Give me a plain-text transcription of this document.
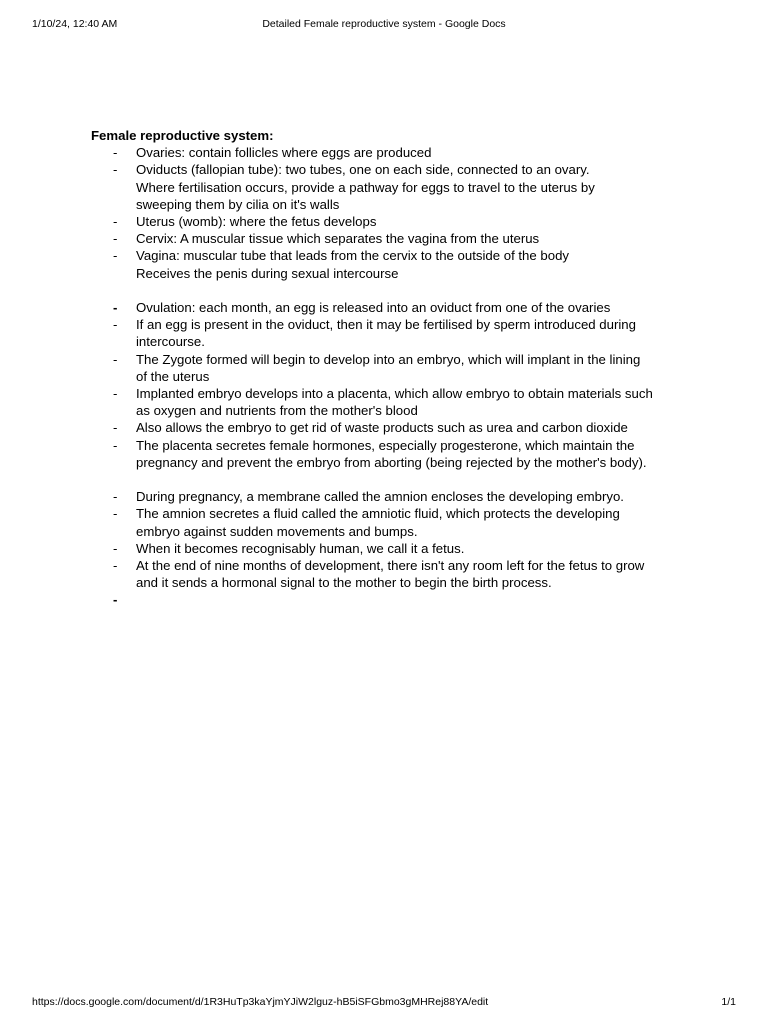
1/10/24, 12:40 AM	Detailed Female reproductive system - Google Docs

Female reproductive system:

- Ovaries: contain follicles where eggs are produced
- Oviducts (fallopian tube): two tubes, one on each side, connected to an ovary.
Where fertilisation occurs, provide a pathway for eggs to travel to the uterus by
sweeping them by cilia on it's walls
- Uterus (womb): where the fetus develops
- Cervix: A muscular tissue which separates the vagina from the uterus
- Vagina: muscular tube that leads from the cervix to the outside of the body
Receives the penis during sexual intercourse
- Ovulation: each month, an egg is released into an oviduct from one of the ovaries
- If an egg is present in the oviduct, then it may be fertilised by sperm introduced during
intercourse.
- The Zygote formed will begin to develop into an embryo, which will implant in the lining
of the uterus
- Implanted embryo develops into a placenta, which allow embryo to obtain materials such
as oxygen and nutrients from the mother's blood
- Also allows the embryo to get rid of waste products such as urea and carbon dioxide
- The placenta secretes female hormones, especially progesterone, which maintain the
pregnancy and prevent the embryo from aborting (being rejected by the mother's body).
- During pregnancy, a membrane called the amnion encloses the developing embryo.
- The amnion secretes a fluid called the amniotic fluid, which protects the developing
embryo against sudden movements and bumps.
- When it becomes recognisably human, we call it a fetus.
- At the end of nine months of development, there isn't any room left for the fetus to grow
and it sends a hormonal signal to the mother to begin the birth process.
-

https://docs.google.com/document/d/1R3HuTp3kaYjmYJiW2lguz-hB5iSFGbmo3gMHRej88YA/edit	1/1
